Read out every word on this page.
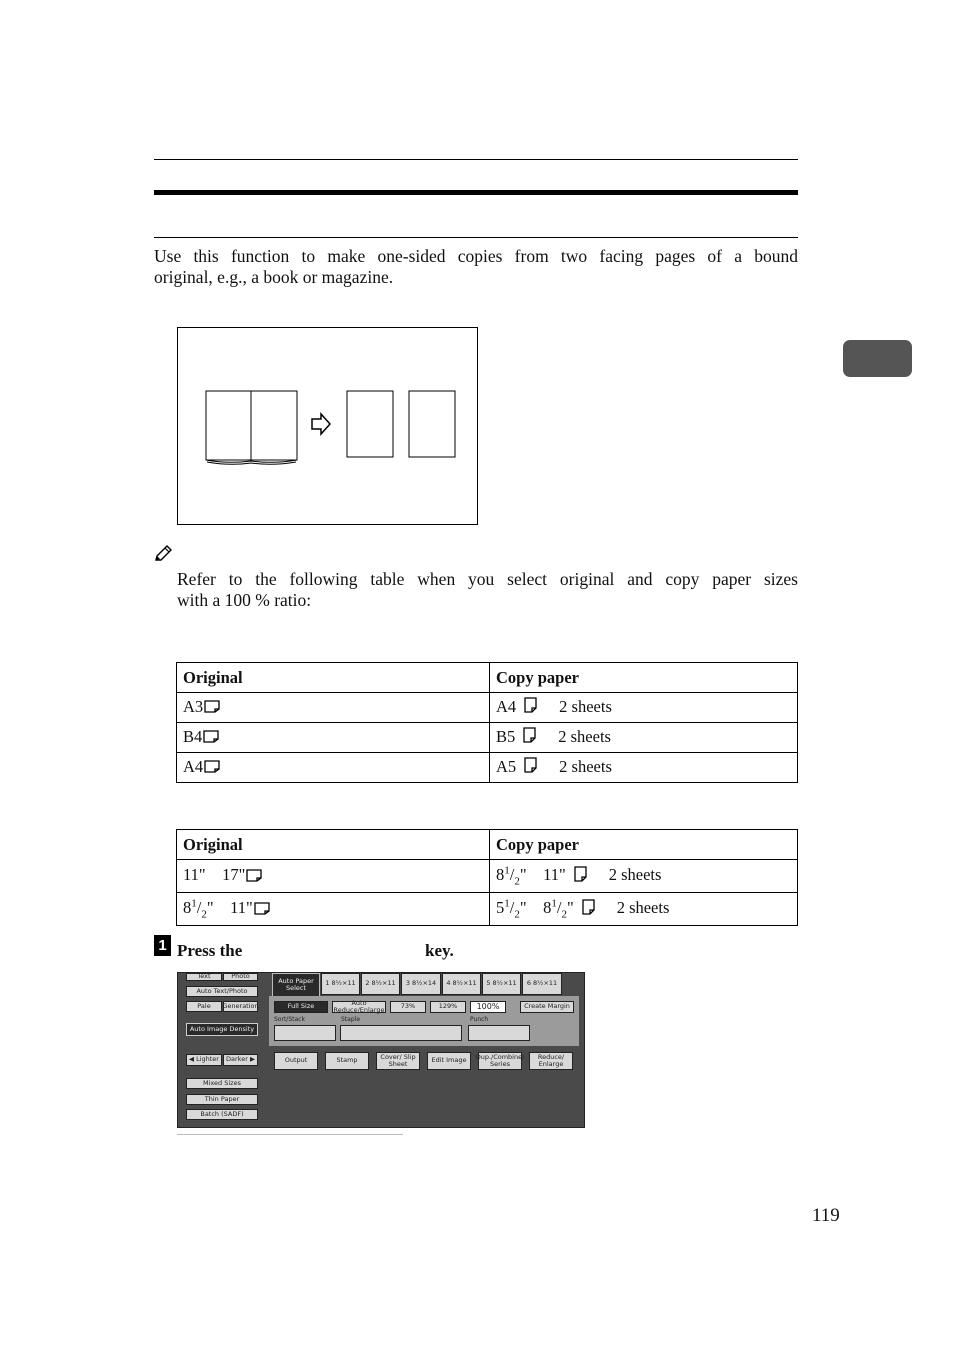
Use this function to make one-sided copies from two facing pages of a bound
original, e.g., a book or magazine.
Refer to the following table when you select original and copy paper sizes
with a 100 % ratio:
Original	Copy paper
A3	A4 2 sheets
B4	B5 2 sheets
A4	A5 2 sheets
Original	Copy paper
11" 17"	$8^1/_2$" 11" 2 sheets
$8^1/_2$" 11"	$5^1/_2$" $8^1/_2$" 2 sheets
1 Press the	key.
Text	Photo
Auto Text/Photo
Pale	Generation
Auto Image Density
◀ Lighter Darker ▶
Mixed Sizes
Thin Paper
Batch (SADF)
Auto Paper Select
1
8½×11 2
8½×11 3
8½×14 4
8½×11 5
8½×11 6
8½×11
Full Size	Auto Reduce/Enlarge	73%	129%	100%	Create Margin
Sort/Stack	Staple	Punch
Output	Stamp	Cover/ Slip Sheet	Edit Image	Dup./Combine/ Series
Reduce/ Enlarge
119
